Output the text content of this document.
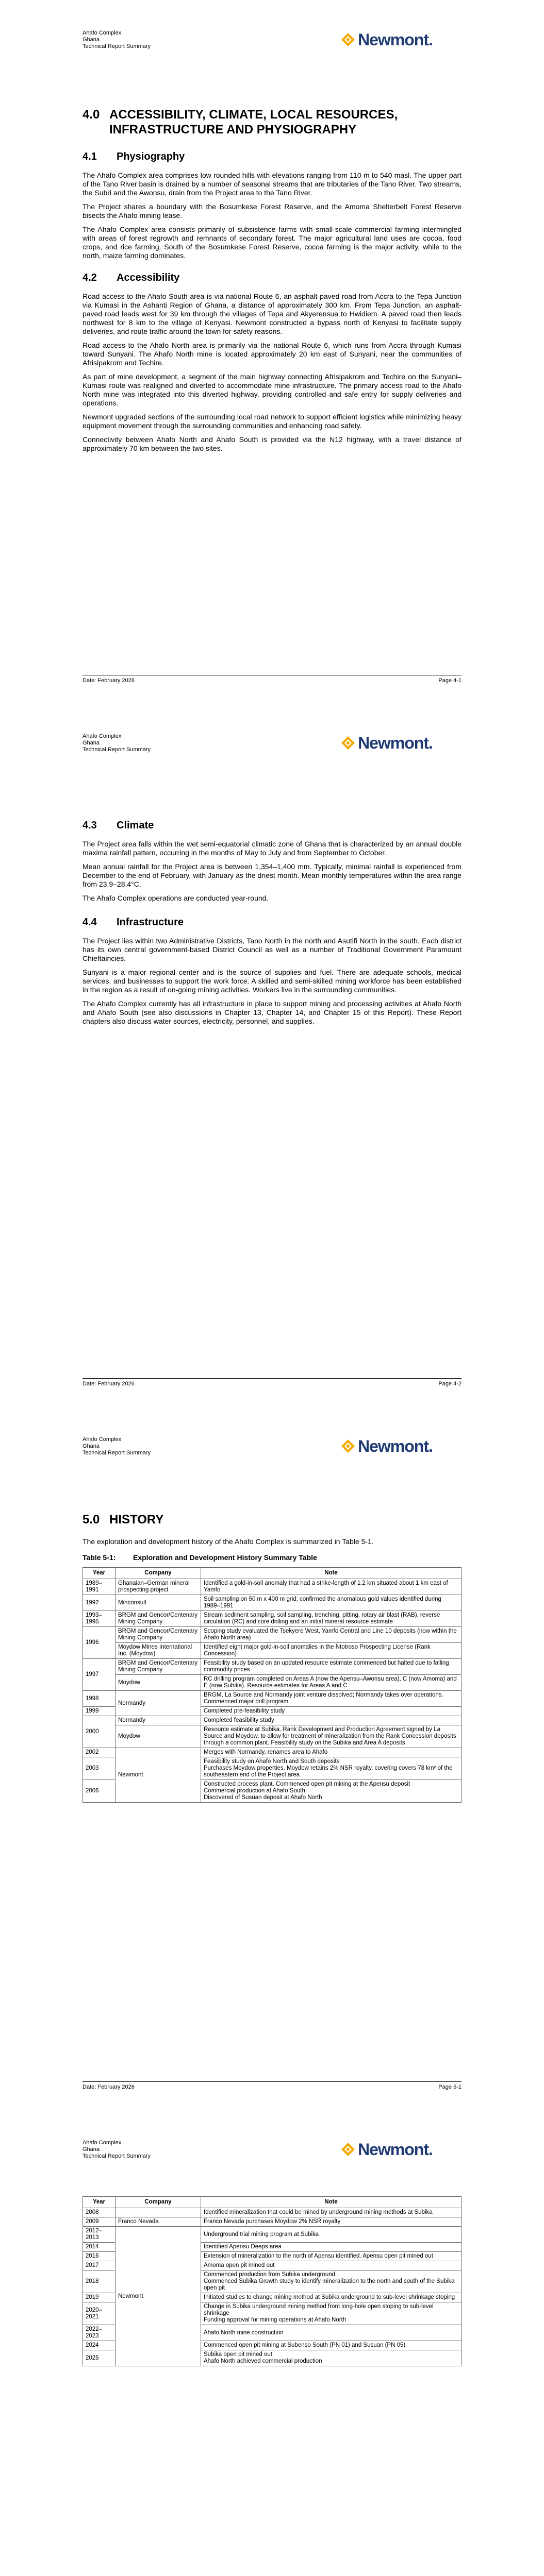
Ahafo Complex
Ghana
Technical Report Summary	Newmont.
4.0 ACCESSIBILITY, CLIMATE, LOCAL RESOURCES,
INFRASTRUCTURE AND PHYSIOGRAPHY
4.1 Physiography

The Ahafo Complex area comprises low rounded hills with elevations ranging from 110 m to 540 masl. The upper part of the Tano River basin is drained by a number of seasonal streams that are tributaries of the Tano River. Two streams, the Subri and the Awonsu, drain from the Project area to the Tano River.

The Project shares a boundary with the Bosumkese Forest Reserve, and the Amoma Shelterbelt Forest Reserve bisects the Ahafo mining lease.

The Ahafo Complex area consists primarily of subsistence farms with small-scale commercial farming intermingled with areas of forest regrowth and remnants of secondary forest. The major agricultural land uses are cocoa, food crops, and rice farming. South of the Bosumkese Forest Reserve, cocoa farming is the major activity, while to the north, maize farming dominates.

4.2 Accessibility

Road access to the Ahafo South area is via national Route 6, an asphalt-paved road from Accra to the Tepa Junction via Kumasi in the Ashanti Region of Ghana, a distance of approximately 300 km. From Tepa Junction, an asphalt-paved road leads west for 39 km through the villages of Tepa and Akyerensua to Hwidiem. A paved road then leads northwest for 8 km to the village of Kenyasi. Newmont constructed a bypass north of Kenyasi to facilitate supply deliveries, and route traffic around the town for safety reasons.

Road access to the Ahafo North area is primarily via the national Route 6, which runs from Accra through Kumasi toward Sunyani. The Ahafo North mine is located approximately 20 km east of Sunyani, near the communities of Afrisipakrom and Techire.

As part of mine development, a segment of the main highway connecting Afrisipakrom and Techire on the Sunyani–Kumasi route was realigned and diverted to accommodate mine infrastructure. The primary access road to the Ahafo North mine was integrated into this diverted highway, providing controlled and safe entry for supply deliveries and operations.

Newmont upgraded sections of the surrounding local road network to support efficient logistics while minimizing heavy equipment movement through the surrounding communities and enhancing road safety.

Connectivity between Ahafo North and Ahafo South is provided via the N12 highway, with a travel distance of approximately 70 km between the two sites.

Date: February 2026	Page 4-1
Ahafo Complex
Ghana
Technical Report Summary	Newmont.
4.3 Climate

The Project area falls within the wet semi-equatorial climatic zone of Ghana that is characterized by an annual double maxima rainfall pattern, occurring in the months of May to July and from September to October.

Mean annual rainfall for the Project area is between 1,354–1,400 mm. Typically, minimal rainfall is experienced from December to the end of February, with January as the driest month. Mean monthly temperatures within the area range from 23.9–28.4°C.

The Ahafo Complex operations are conducted year-round.

4.4 Infrastructure

The Project lies within two Administrative Districts, Tano North in the north and Asutifi North in the south. Each district has its own central government-based District Council as well as a number of Traditional Government Paramount Chieftaincies.

Sunyani is a major regional center and is the source of supplies and fuel. There are adequate schools, medical services, and businesses to support the work force. A skilled and semi-skilled mining workforce has been established in the region as a result of on-going mining activities. Workers live in the surrounding communities.

The Ahafo Complex currently has all infrastructure in place to support mining and processing activities at Ahafo North and Ahafo South (see also discussions in Chapter 13, Chapter 14, and Chapter 15 of this Report). These Report chapters also discuss water sources, electricity, personnel, and supplies.

Date: February 2026	Page 4-2
Ahafo Complex
Ghana
Technical Report Summary	Newmont.
5.0 HISTORY

The exploration and development history of the Ahafo Complex is summarized in Table 5-1.

Table 5-1: Exploration and Development History Summary Table
Year	Company	Note
1989–1991	Ghanaian–German mineral prospecting project	Identified a gold-in-soil anomaly that had a strike-length of 1.2 km situated about 1 km east of Yamfo

1992	Minconsult	Soil sampling on 50 m x 400 m grid; confirmed the anomalous gold values identified during 1989–1991

1993–1995	BRGM and Gencor/Centenary Mining Company	Stream sediment sampling, soil sampling, trenching, pitting, rotary air blast (RAB), reverse circulation (RC) and core drilling and an initial mineral resource estimate

1996	BRGM and Gencor/Centenary Mining Company	Scoping study evaluated the Tsekyere West, Yamfo Central and Line 10 deposits (now within the Ahafo North area)

	Moydow Mines International Inc. (Moydow)	Identified eight major gold-in-soil anomalies in the Ntotroso Prospecting License (Rank Concession)

1997	BRGM and Gencor/Centenary Mining Company	Feasibility study based on an updated resource estimate commenced but halted due to falling commodity prices

	Moydow	RC drilling program completed on Areas A (now the Apensu–Awonsu area), C (now Amoma) and E (now Subika). Resource estimates for Areas A and C

1998	Normandy	BRGM, La Source and Normandy joint venture dissolved; Normandy takes over operations. Commenced major drill program

1999		Completed pre-feasibility study

2000	Normandy	Completed feasibility study

	Moydow	Resource estimate at Subika. Rank Development and Production Agreement signed by La Source and Moydow, to allow for treatment of mineralization from the Rank Concession deposits through a common plant. Feasibility study on the Subika and Area A deposits

2002	Newmont	Merges with Normandy, renames area to Ahafo

2003		Feasibility study on Ahafo North and South deposits
Purchases Moydow properties. Moydow retains 2% NSR royalty, covering covers 78 km² of the southeastern end of the Project area

2006		Constructed process plant. Commenced open pit mining at the Apensu deposit
Commercial production at Ahafo South
Discovered of Susuan deposit at Ahafo North
Date: February 2026	Page 5-1
Ahafo Complex
Ghana
Technical Report Summary	Newmont.
Year	Company	Note
2008		Identified mineralization that could be mined by underground mining methods at Subika

2009	Franco Nevada	Franco Nevada purchases Moydow 2% NSR royalty

2012–2013	Newmont	Underground trial mining program at Subika

2014		Identified Apensu Deeps area

2016		Extension of mineralization to the north of Apensu identified. Apensu open pit mined out

2017		Amoma open pit mined out

2018		Commenced production from Subika underground
Commenced Subika Growth study to identify mineralization to the north and south of the Subika open pit

2019		Initiated studies to change mining method at Subika underground to sub-level shrinkage stoping

2020–2021		Change in Subika underground mining method from long-hole open stoping to sub-level shrinkage
Funding approval for mining operations at Ahafo North

2022–2023		Ahafo North mine construction

2024		Commenced open pit mining at Subenso South (PN 01) and Susuan (PN 05)

2025		Subika open pit mined out
Ahafo North achieved commercial production
